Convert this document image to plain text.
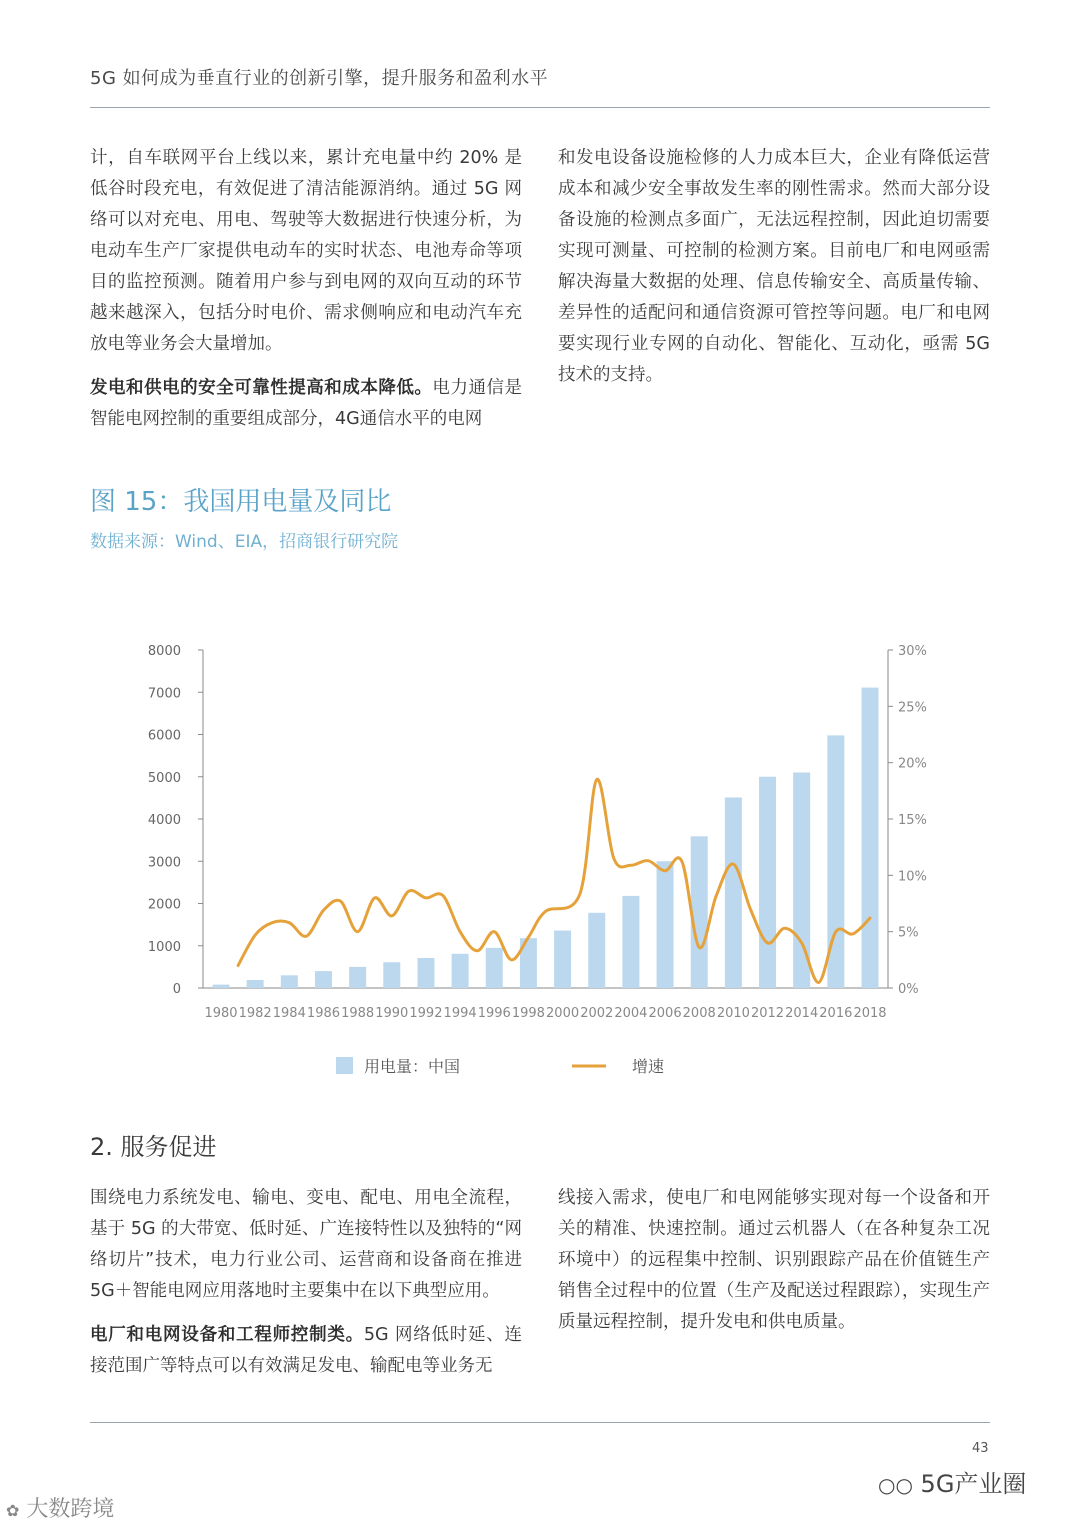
5G 如何成为垂直行业的创新引擎，提升服务和盈利水平

计，自车联网平台上线以来，累计充电量中约 20% 是低谷时段充电，有效促进了清洁能源消纳。通过 5G 网络可以对充电、用电、驾驶等大数据进行快速分析，为电动车生产厂家提供电动车的实时状态、电池寿命等项目的监控预测。随着用户参与到电网的双向互动的环节越来越深入，包括分时电价、需求侧响应和电动汽车充放电等业务会大量增加。

发电和供电的安全可靠性提高和成本降低。电力通信是智能电网控制的重要组成部分，4G通信水平的电网

和发电设备设施检修的人力成本巨大，企业有降低运营成本和减少安全事故发生率的刚性需求。然而大部分设备设施的检测点多面广，无法远程控制，因此迫切需要实现可测量、可控制的检测方案。目前电厂和电网亟需解决海量大数据的处理、信息传输安全、高质量传输、差异性的适配问和通信资源可管控等问题。电厂和电网要实现行业专网的自动化、智能化、互动化，亟需 5G技术的支持。

图 15：我国用电量及同比
数据来源：Wind、EIA，招商银行研究院
0
1000
2000
3000
4000
5000
6000
7000
8000
0%
5%
10%
15%
20%
25%
30%
1980 1982 1984 1986 1988 1990 1992 1994 1996 1998 2000 2002 2004 2006 2008 2010 2012 2014 2016 2018
用电量：中国	增速
2. 服务促进

围绕电力系统发电、输电、变电、配电、用电全流程，基于 5G 的大带宽、低时延、广连接特性以及独特的“网络切片”技术，电力行业公司、运营商和设备商在推进 5G＋智能电网应用落地时主要集中在以下典型应用。

电厂和电网设备和工程师控制类。5G 网络低时延、连接范围广等特点可以有效满足发电、输配电等业务无

线接入需求，使电厂和电网能够实现对每一个设备和开关的精准、快速控制。通过云机器人（在各种复杂工况环境中）的远程集中控制、识别跟踪产品在价值链生产销售全过程中的位置（生产及配送过程跟踪），实现生产质量远程控制，提升发电和供电质量。

43
○○ 5G产业圈
✿ 大数跨境
